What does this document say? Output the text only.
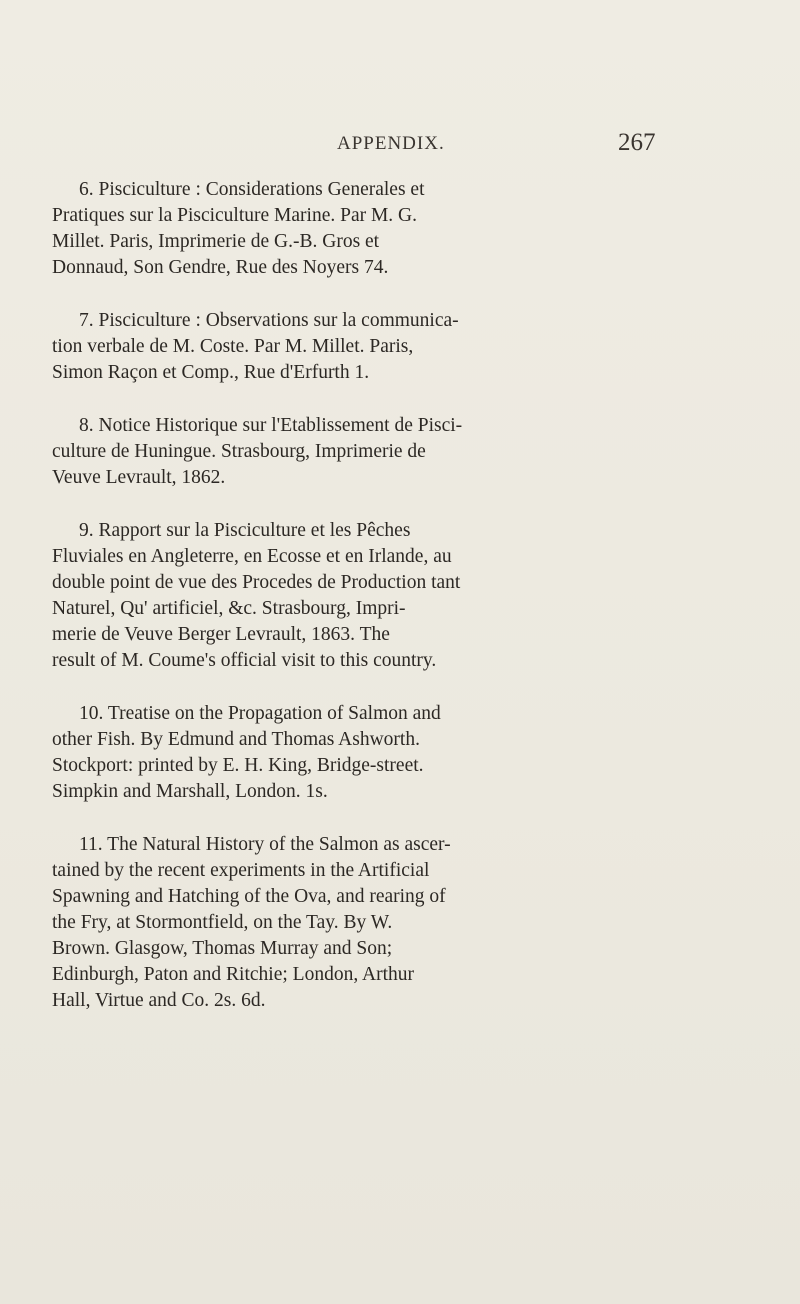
APPENDIX.	267
6. Pisciculture : Considerations Generales et
Pratiques sur la Pisciculture Marine. Par M. G.
Millet. Paris, Imprimerie de G.-B. Gros et
Donnaud, Son Gendre, Rue des Noyers 74.
7. Pisciculture : Observations sur la communica-
tion verbale de M. Coste. Par M. Millet. Paris,
Simon Raçon et Comp., Rue d'Erfurth 1.
8. Notice Historique sur l'Etablissement de Pisci-
culture de Huningue. Strasbourg, Imprimerie de
Veuve Levrault, 1862.
9. Rapport sur la Pisciculture et les Pêches
Fluviales en Angleterre, en Ecosse et en Irlande, au
double point de vue des Procedes de Production tant
Naturel, Qu' artificiel, &c. Strasbourg, Impri-
merie de Veuve Berger Levrault, 1863. The
result of M. Coume's official visit to this country.
10. Treatise on the Propagation of Salmon and
other Fish. By Edmund and Thomas Ashworth.
Stockport: printed by E. H. King, Bridge-street.
Simpkin and Marshall, London. 1s.
11. The Natural History of the Salmon as ascer-
tained by the recent experiments in the Artificial
Spawning and Hatching of the Ova, and rearing of
the Fry, at Stormontfield, on the Tay. By W.
Brown. Glasgow, Thomas Murray and Son;
Edinburgh, Paton and Ritchie; London, Arthur
Hall, Virtue and Co. 2s. 6d.
